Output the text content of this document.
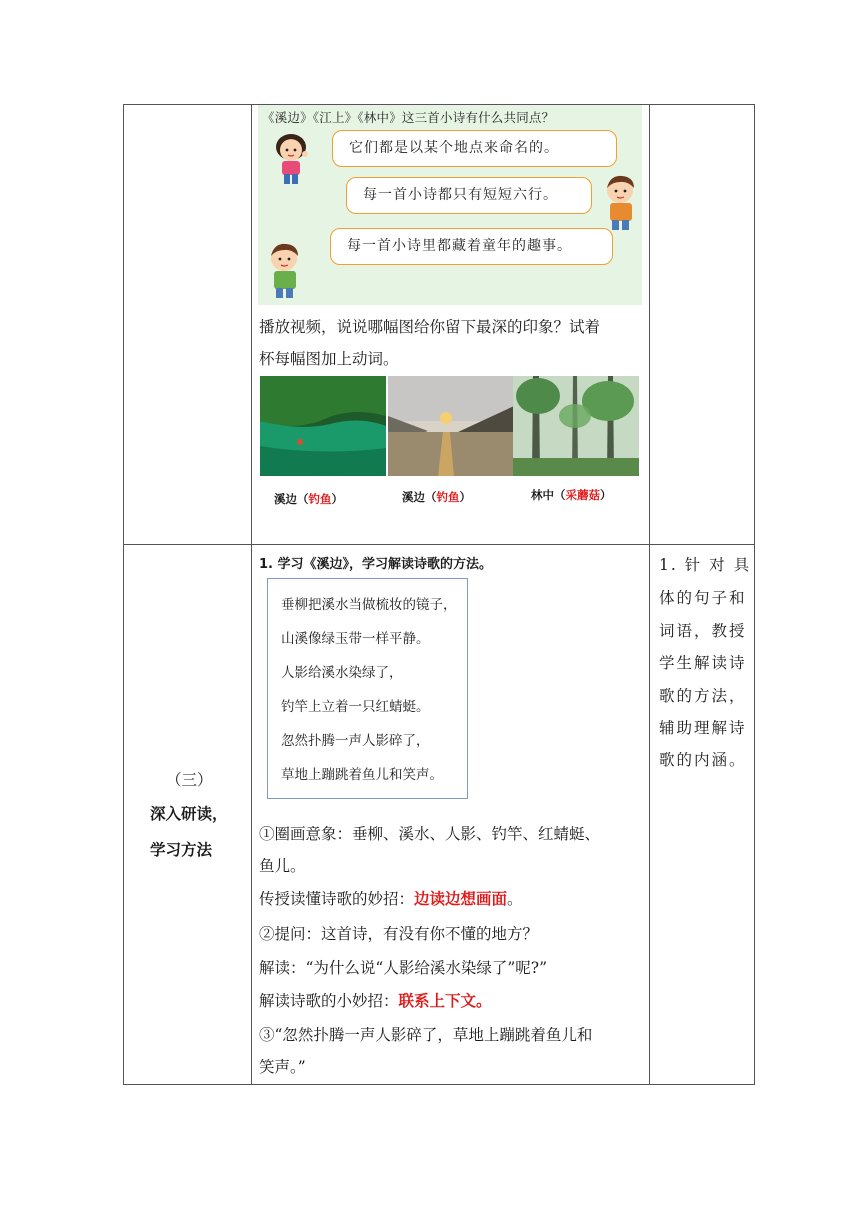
《溪边》《江上》《林中》这三首小诗有什么共同点？
它们都是以某个地点来命名的。
每一首小诗都只有短短六行。
每一首小诗里都藏着童年的趣事。
播放视频，说说哪幅图给你留下最深的印象？试着
杯每幅图加上动词。
溪边（钓鱼）	溪边（钓鱼）	林中（采蘑菇）
（三）
深入研读，
学习方法
1. 学习《溪边》，学习解读诗歌的方法。
垂柳把溪水当做梳妆的镜子，
山溪像绿玉带一样平静。
人影给溪水染绿了，
钓竿上立着一只红蜻蜓。
忽然扑腾一声人影碎了，
草地上蹦跳着鱼儿和笑声。
①圈画意象：垂柳、溪水、人影、钓竿、红蜻蜓、
鱼儿。
传授读懂诗歌的妙招：边读边想画面。
②提问：这首诗，有没有你不懂的地方？
解读：“为什么说“人影给溪水染绿了”呢?”
解读诗歌的小妙招：联系上下文。
③“忽然扑腾一声人影碎了，草地上蹦跳着鱼儿和
笑声。”
1. 针 对 具
体的句子和
词语，教授
学生解读诗
歌的方法，
辅助理解诗
歌的内涵。
